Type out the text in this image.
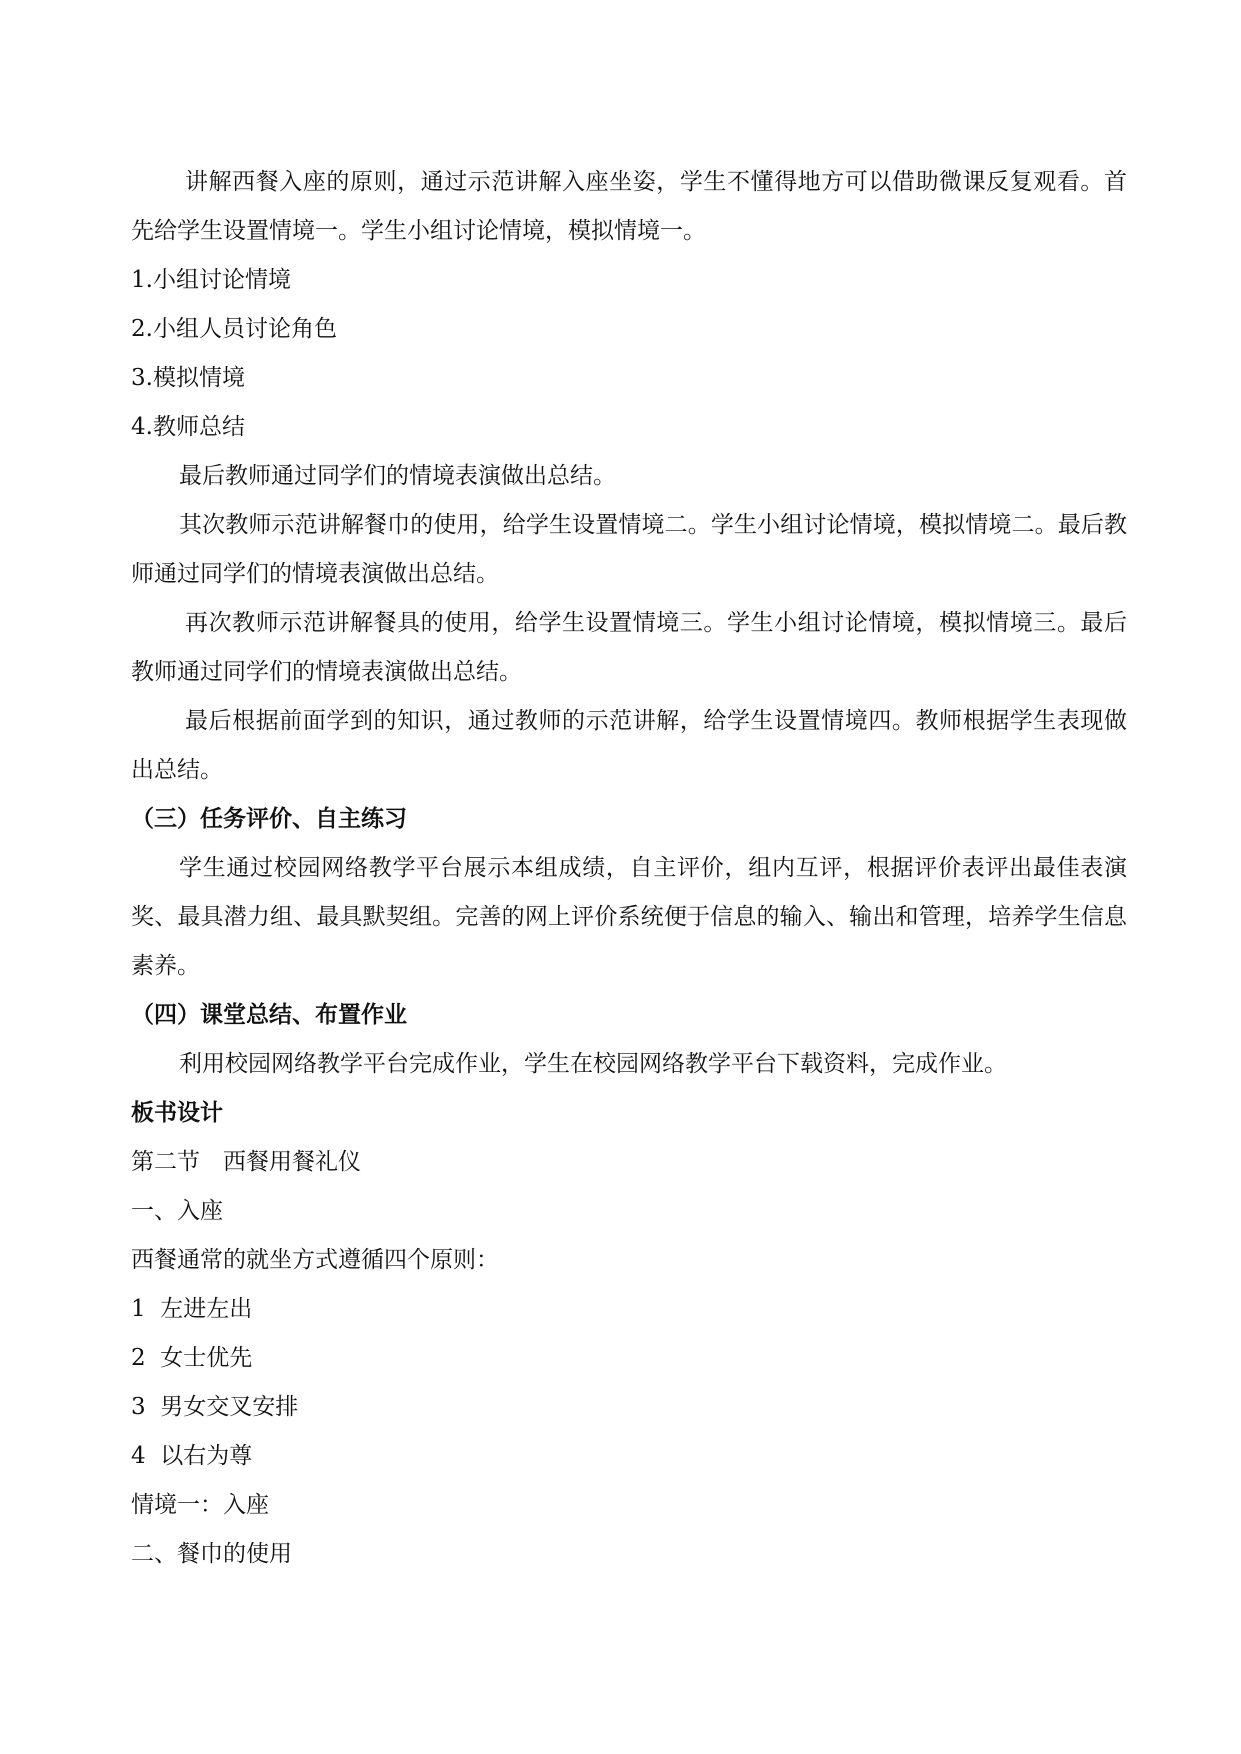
讲解西餐入座的原则，通过示范讲解入座坐姿，学生不懂得地方可以借助微课反复观看。首先给学生设置情境一。学生小组讨论情境，模拟情境一。

1.小组讨论情境

2.小组人员讨论角色

3.模拟情境

4.教师总结

最后教师通过同学们的情境表演做出总结。

其次教师示范讲解餐巾的使用，给学生设置情境二。学生小组讨论情境，模拟情境二。最后教师通过同学们的情境表演做出总结。

再次教师示范讲解餐具的使用，给学生设置情境三。学生小组讨论情境，模拟情境三。最后教师通过同学们的情境表演做出总结。

最后根据前面学到的知识，通过教师的示范讲解，给学生设置情境四。教师根据学生表现做出总结。

（三）任务评价、自主练习

学生通过校园网络教学平台展示本组成绩，自主评价，组内互评，根据评价表评出最佳表演奖、最具潜力组、最具默契组。完善的网上评价系统便于信息的输入、输出和管理，培养学生信息素养。

（四）课堂总结、布置作业

利用校园网络教学平台完成作业，学生在校园网络教学平台下载资料，完成作业。

板书设计

第二节　西餐用餐礼仪

一、入座

西餐通常的就坐方式遵循四个原则：

1  左进左出

2  女士优先

3  男女交叉安排

4  以右为尊

情境一：入座

二、餐巾的使用
